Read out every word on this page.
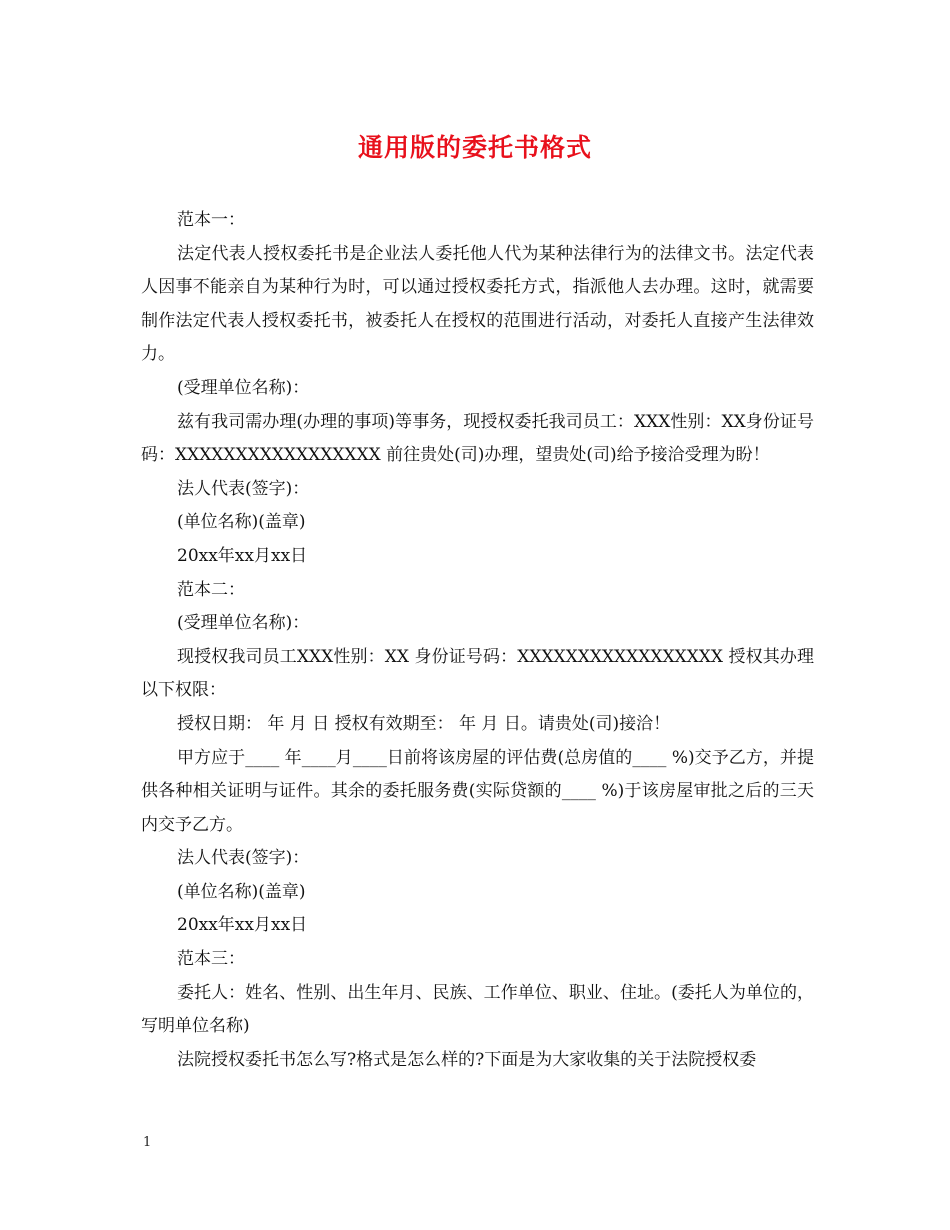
通用版的委托书格式

范本一：

法定代表人授权委托书是企业法人委托他人代为某种法律行为的法律文书。法定代表人因事不能亲自为某种行为时，可以通过授权委托方式，指派他人去办理。这时，就需要制作法定代表人授权委托书，被委托人在授权的范围进行活动，对委托人直接产生法律效力。

(受理单位名称)：

兹有我司需办理(办理的事项)等事务，现授权委托我司员工：XXX性别：XX身份证号码：XXXXXXXXXXXXXXXXX 前往贵处(司)办理，望贵处(司)给予接洽受理为盼！

法人代表(签字)：

(单位名称)(盖章)

20xx年xx月xx日

范本二：

(受理单位名称)：

现授权我司员工XXX性别：XX 身份证号码：XXXXXXXXXXXXXXXXX 授权其办理以下权限：

授权日期： 年 月 日 授权有效期至： 年 月 日。请贵处(司)接洽！

甲方应于____ 年____月____日前将该房屋的评估费(总房值的____ %)交予乙方，并提供各种相关证明与证件。其余的委托服务费(实际贷额的____ %)于该房屋审批之后的三天内交予乙方。

法人代表(签字)：

(单位名称)(盖章)

20xx年xx月xx日

范本三：

委托人：姓名、性别、出生年月、民族、工作单位、职业、住址。(委托人为单位的，写明单位名称)

法院授权委托书怎么写?格式是怎么样的?下面是为大家收集的关于法院授权委

1
